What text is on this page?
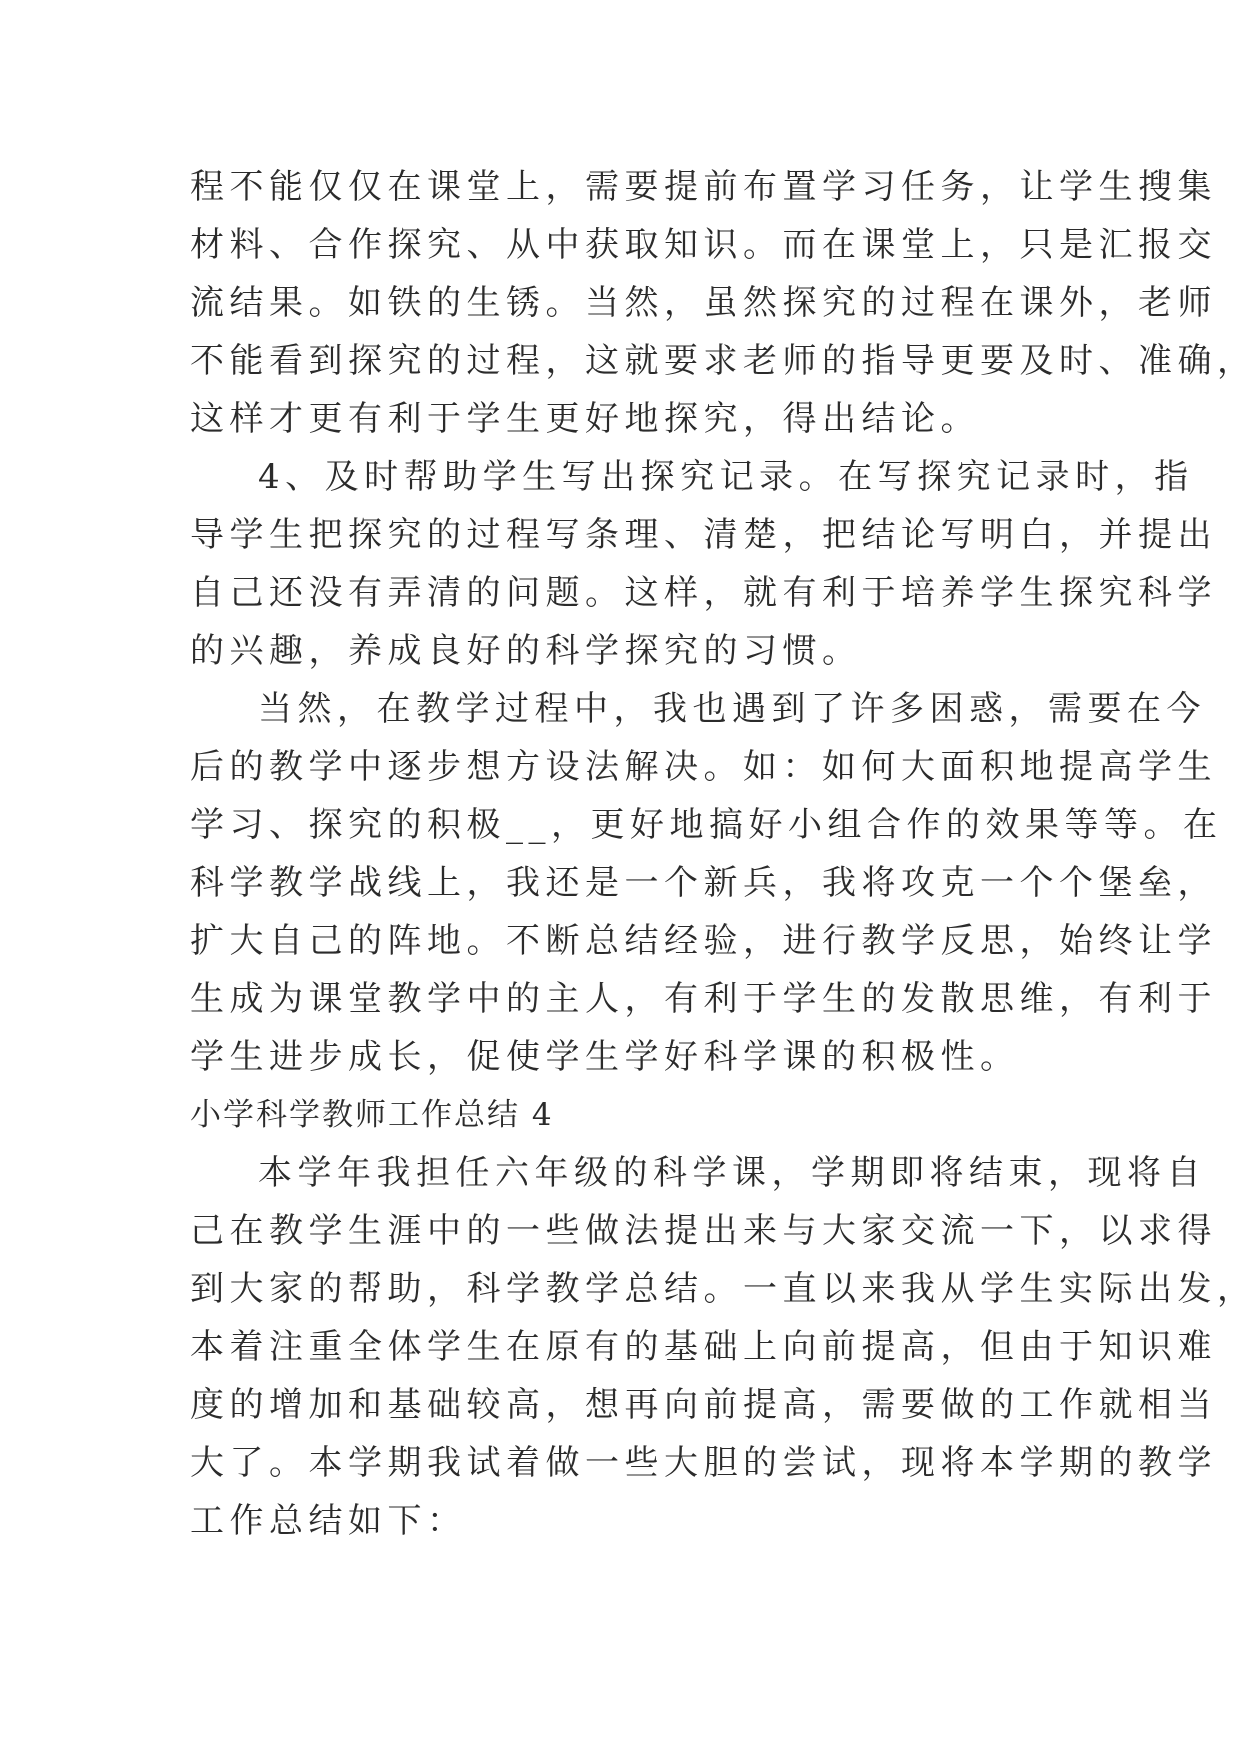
程不能仅仅在课堂上，需要提前布置学习任务，让学生搜集
材料、合作探究、从中获取知识。而在课堂上，只是汇报交
流结果。如铁的生锈。当然，虽然探究的过程在课外，老师
不能看到探究的过程，这就要求老师的指导更要及时、准确，
这样才更有利于学生更好地探究，得出结论。
4、及时帮助学生写出探究记录。在写探究记录时，指
导学生把探究的过程写条理、清楚，把结论写明白，并提出
自己还没有弄清的问题。这样，就有利于培养学生探究科学
的兴趣，养成良好的科学探究的习惯。
当然，在教学过程中，我也遇到了许多困惑，需要在今
后的教学中逐步想方设法解决。如：如何大面积地提高学生
学习、探究的积极__，更好地搞好小组合作的效果等等。在
科学教学战线上，我还是一个新兵，我将攻克一个个堡垒，
扩大自己的阵地。不断总结经验，进行教学反思，始终让学
生成为课堂教学中的主人，有利于学生的发散思维，有利于
学生进步成长，促使学生学好科学课的积极性。
小学科学教师工作总结 4
本学年我担任六年级的科学课，学期即将结束，现将自
己在教学生涯中的一些做法提出来与大家交流一下，以求得
到大家的帮助，科学教学总结。一直以来我从学生实际出发，
本着注重全体学生在原有的基础上向前提高，但由于知识难
度的增加和基础较高，想再向前提高，需要做的工作就相当
大了。本学期我试着做一些大胆的尝试，现将本学期的教学
工作总结如下：
